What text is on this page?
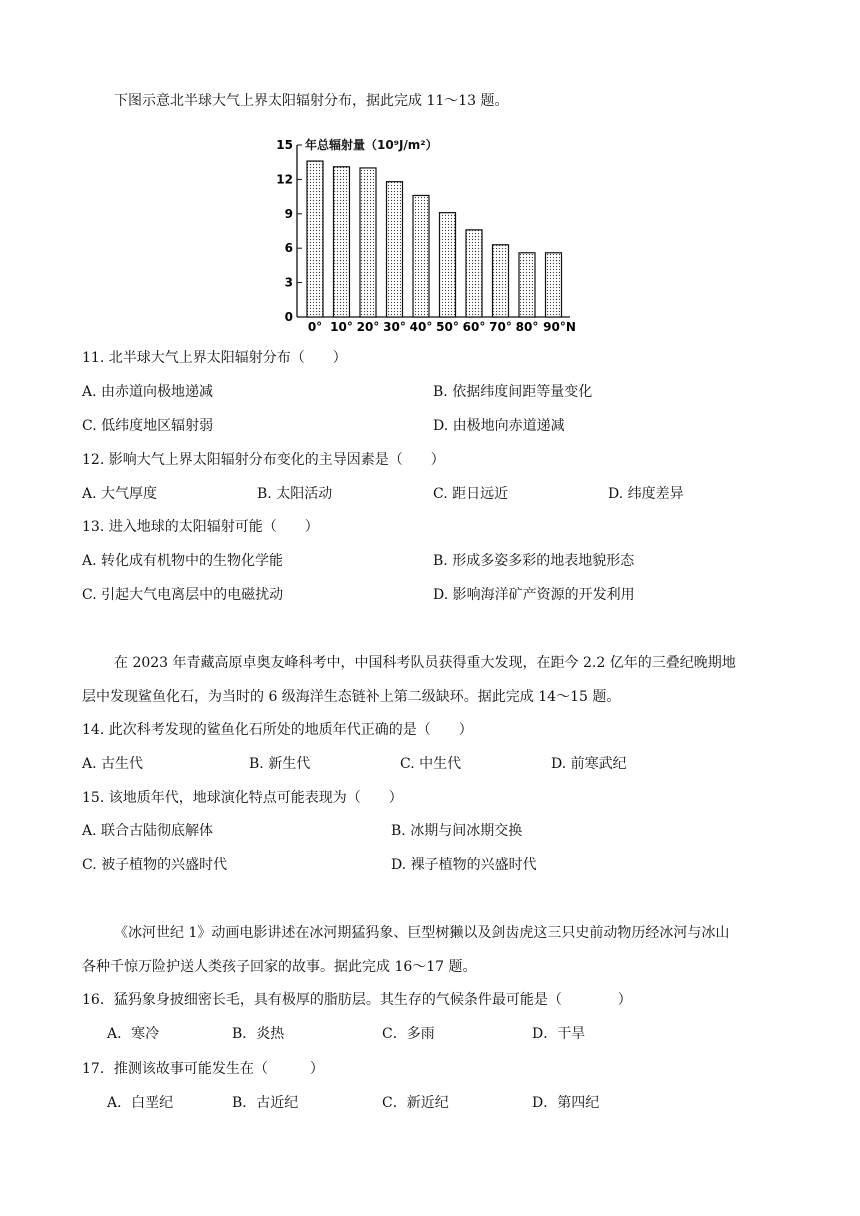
下图示意北半球大气上界太阳辐射分布，据此完成 11～13 题。
年总辐射量（10⁹J/m²）
0
3
6
9
12
15
0° 10° 20° 30° 40° 50° 60° 70° 80° 90°N
11. 北半球大气上界太阳辐射分布（　　）
A. 由赤道向极地递减	B. 依据纬度间距等量变化
C. 低纬度地区辐射弱	D. 由极地向赤道递减
12. 影响大气上界太阳辐射分布变化的主导因素是（　　）
A. 大气厚度	B. 太阳活动	C. 距日远近	D. 纬度差异
13. 进入地球的太阳辐射可能（　　）
A. 转化成有机物中的生物化学能	B. 形成多姿多彩的地表地貌形态
C. 引起大气电离层中的电磁扰动	D. 影响海洋矿产资源的开发利用
在 2023 年青藏高原卓奥友峰科考中，中国科考队员获得重大发现，在距今 2.2 亿年的三叠纪晚期地
层中发现鲨鱼化石，为当时的 6 级海洋生态链补上第二级缺环。据此完成 14～15 题。
14. 此次科考发现的鲨鱼化石所处的地质年代正确的是（　　）
A. 古生代	B. 新生代	C. 中生代	D. 前寒武纪
15. 该地质年代，地球演化特点可能表现为（　　）
A. 联合古陆彻底解体	B. 冰期与间冰期交换
C. 被子植物的兴盛时代	D. 裸子植物的兴盛时代
《冰河世纪 1》动画电影讲述在冰河期猛犸象、巨型树獭以及剑齿虎这三只史前动物历经冰河与冰山
各种千惊万险护送人类孩子回家的故事。据此完成 16～17 题。
16．猛犸象身披细密长毛，具有极厚的脂肪层。其生存的气候条件最可能是（　　　　）
A．寒冷	B．炎热	C．多雨	D．干旱
17．推测该故事可能发生在（　　　）
A．白垩纪	B．古近纪	C．新近纪	D．第四纪
